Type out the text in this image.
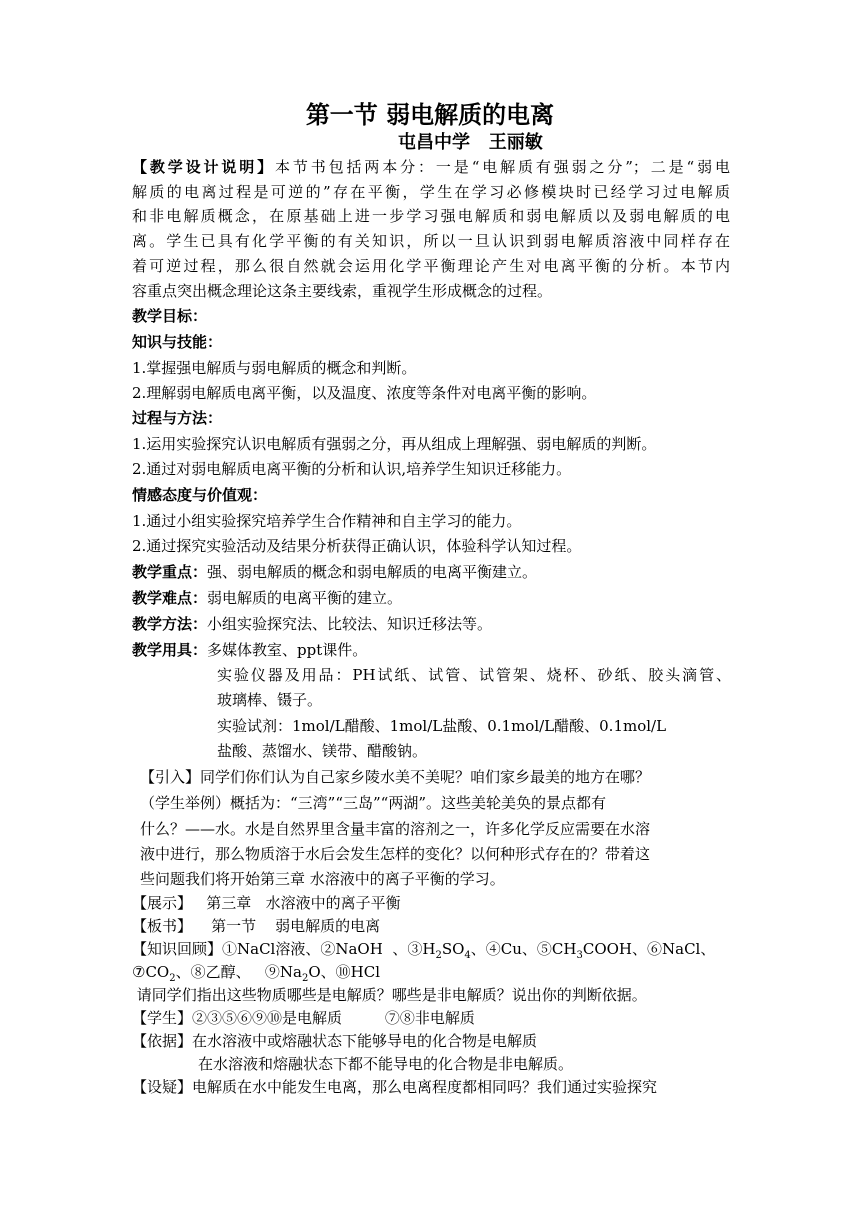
第一节 弱电解质的电离
屯昌中学   王丽敏
【教学设计说明】本节书包括两本分：一是“电解质有强弱之分”；二是“弱电
解质的电离过程是可逆的”存在平衡，学生在学习必修模块时已经学习过电解质
和非电解质概念，在原基础上进一步学习强电解质和弱电解质以及弱电解质的电
离。学生已具有化学平衡的有关知识，所以一旦认识到弱电解质溶液中同样存在
着可逆过程，那么很自然就会运用化学平衡理论产生对电离平衡的分析。本节内
容重点突出概念理论这条主要线索，重视学生形成概念的过程。
教学目标：
知识与技能：
1.掌握强电解质与弱电解质的概念和判断。
2.理解弱电解质电离平衡，以及温度、浓度等条件对电离平衡的影响。
过程与方法：
1.运用实验探究认识电解质有强弱之分，再从组成上理解强、弱电解质的判断。
2.通过对弱电解质电离平衡的分析和认识,培养学生知识迁移能力。
情感态度与价值观：
1.通过小组实验探究培养学生合作精神和自主学习的能力。
2.通过探究实验活动及结果分析获得正确认识，体验科学认知过程。
教学重点：强、弱电解质的概念和弱电解质的电离平衡建立。
教学难点：弱电解质的电离平衡的建立。
教学方法：小组实验探究法、比较法、知识迁移法等。
教学用具：多媒体教室、ppt课件。
实验仪器及用品：PH试纸、试管、试管架、烧杯、砂纸、胶头滴管、
玻璃棒、镊子。
实验试剂：1mol/L醋酸、1mol/L盐酸、0.1mol/L醋酸、0.1mol/L
盐酸、蒸馏水、镁带、醋酸钠。
【引入】同学们你们认为自己家乡陵水美不美呢？咱们家乡最美的地方在哪？
（学生举例）概括为：“三湾”“三岛”“两湖”。这些美轮美奂的景点都有
什么？——水。水是自然界里含量丰富的溶剂之一，许多化学反应需要在水溶
液中进行，那么物质溶于水后会发生怎样的变化？以何种形式存在的？带着这
些问题我们将开始第三章 水溶液中的离子平衡的学习。
【展示】   第三章   水溶液中的离子平衡
【板书】    第一节    弱电解质的电离
【知识回顾】①NaCl溶液、②NaOH  、$③H_2SO_4$、④Cu、$⑤CH_3COOH$、⑥NaCl、
$⑦CO_2$、⑧乙醇、   $⑨Na_2O$、⑩HCl
请同学们指出这些物质哪些是电解质？哪些是非电解质？说出你的判断依据。
【学生】②③⑤⑥⑨⑩是电解质         ⑦⑧非电解质
【依据】在水溶液中或熔融状态下能够导电的化合物是电解质
在水溶液和熔融状态下都不能导电的化合物是非电解质。
【设疑】电解质在水中能发生电离，那么电离程度都相同吗？我们通过实验探究
